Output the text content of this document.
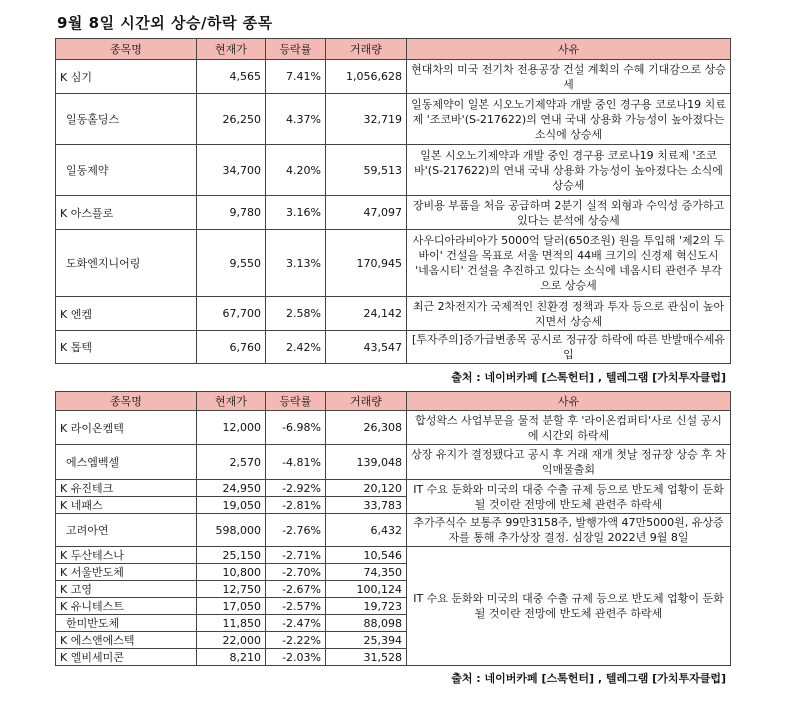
9월 8일 시간외 상승/하락 종목
종목명	현재가	등락률	거래량	사유
K 심기	4,565	7.41%	1,056,628	현대차의 미국 전기차 전용공장 건설 계획의 수혜 기대감으로 상승세
일동홀딩스	26,250	4.37%	32,719	일동제약이 일본 시오노기제약과 개발 중인 경구용 코로나19 치료제 '조코바'(S-217622)의 연내 국내 상용화 가능성이 높아졌다는 소식에 상승세
일동제약	34,700	4.20%	59,513	일본 시오노기제약과 개발 중인 경구용 코로나19 치료제 '조코바'(S-217622)의 연내 국내 상용화 가능성이 높아졌다는 소식에 상승세
K 아스플로	9,780	3.16%	47,097	장비용 부품을 처음 공급하며 2분기 실적 외형과 수익성 증가하고 있다는 분석에 상승세
도화엔지니어링	9,550	3.13%	170,945	사우디아라비아가 5000억 달러(650조원) 원을 투입해 '제2의 두바이' 건설을 목표로 서울 면적의 44배 크기의 신경제 혁신도시 '네옴시티' 건설을 추진하고 있다는 소식에 네옴시티 관련주 부각으로 상승세
K 엔켐	67,700	2.58%	24,142	최근 2차전지가 국제적인 친환경 정책과 투자 등으로 관심이 높아지면서 상승세
K 톱텍	6,760	2.42%	43,547	[투자주의]증가급변종목 공시로 정규장 하락에 따른 반발매수세유입
출처 : 네이버카페 [스톡헌터] , 텔레그램 [가치투자클럽]
종목명	현재가	등락률	거래량	사유
K 라이온켐텍	12,000	-6.98%	26,308	합성왁스 사업부문을 물적 분할 후 '라이온컴퍼티'사로 신설 공시에 시간외 하락세
에스엠벡셀	2,570	-4.81%	139,048	상장 유지가 결정됐다고 공시 후 거래 재개 첫날 정규장 상승 후 차익매물출회
K 유진테크	24,950	-2.92%	20,120	IT 수요 둔화와 미국의 대중 수출 규제 등으로 반도체 업황이 둔화될 것이란 전망에 반도체 관련주 하락세
K 네패스	19,050	-2.81%	33,783	
고려아연	598,000	-2.76%	6,432	추가주식수 보통주 99만3158주, 발행가액 47만5000원, 유상증자를 통해 추가상장 결정. 심장일 2022년 9월 8일
K 두산테스나	25,150	-2.71%	10,546	IT 수요 둔화와 미국의 대중 수출 규제 등으로 반도체 업황이 둔화될 것이란 전망에 반도체 관련주 하락세
K 서울반도체	10,800	-2.70%	74,350	
K 고영	12,750	-2.67%	100,124	
K 유니테스트	17,050	-2.57%	19,723	
한미반도체	11,850	-2.47%	88,098	
K 에스앤에스텍	22,000	-2.22%	25,394	
K 엘비세미콘	8,210	-2.03%	31,528	
출처 : 네이버카페 [스톡헌터] , 텔레그램 [가치투자클럽]
